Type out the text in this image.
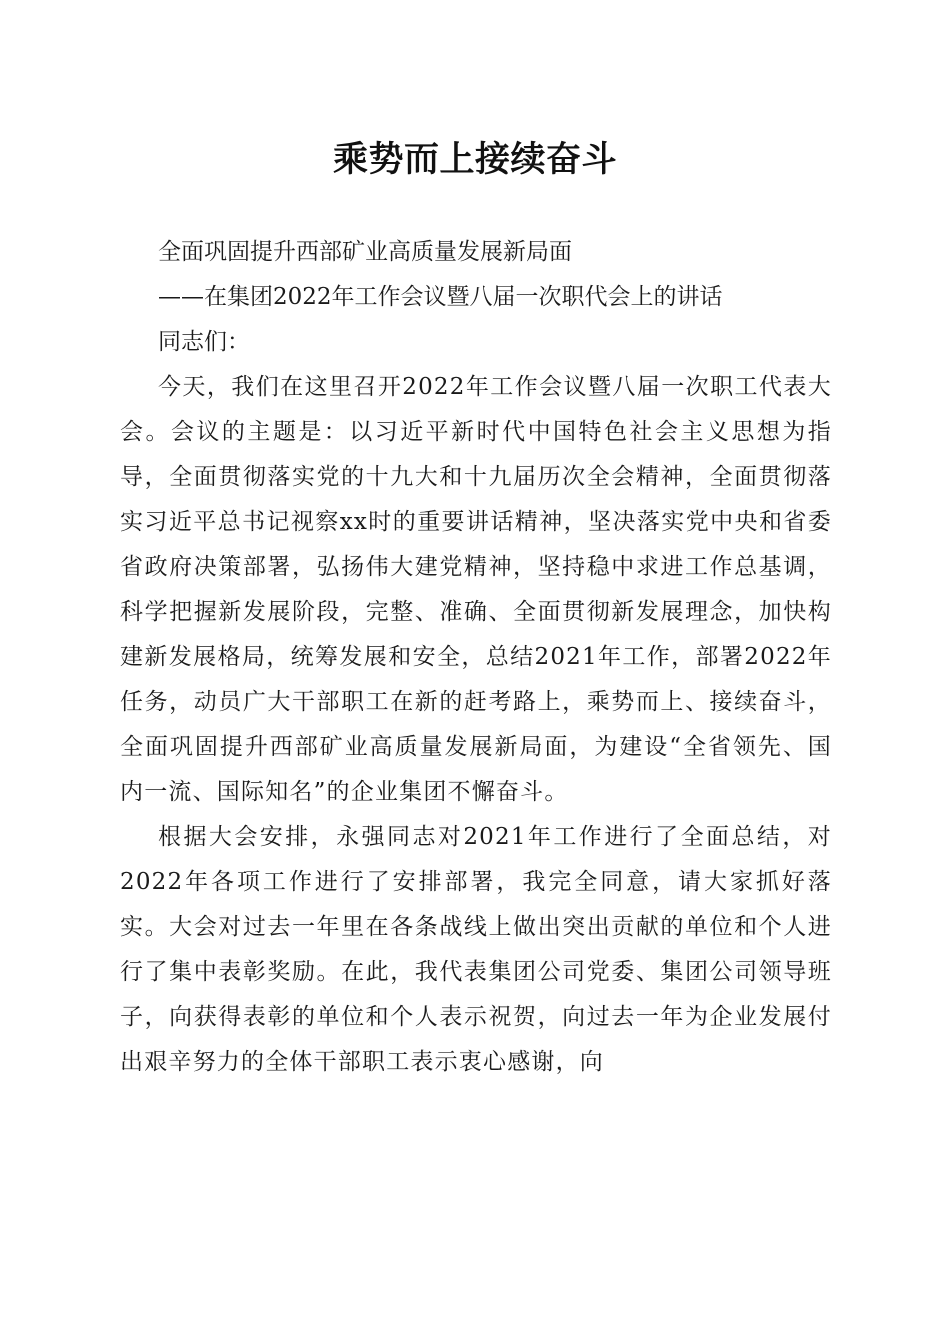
乘势而上接续奋斗

全面巩固提升西部矿业高质量发展新局面

——在集团2022年工作会议暨八届一次职代会上的讲话

同志们：

今天，我们在这里召开2022年工作会议暨八届一次职工代表大会。会议的主题是：以习近平新时代中国特色社会主义思想为指导，全面贯彻落实党的十九大和十九届历次全会精神，全面贯彻落实习近平总书记视察xx时的重要讲话精神，坚决落实党中央和省委省政府决策部署，弘扬伟大建党精神，坚持稳中求进工作总基调，科学把握新发展阶段，完整、准确、全面贯彻新发展理念，加快构建新发展格局，统筹发展和安全，总结2021年工作，部署2022年任务，动员广大干部职工在新的赶考路上，乘势而上、接续奋斗，全面巩固提升西部矿业高质量发展新局面，为建设“全省领先、国内一流、国际知名”的企业集团不懈奋斗。

根据大会安排，永强同志对2021年工作进行了全面总结，对2022年各项工作进行了安排部署，我完全同意，请大家抓好落实。大会对过去一年里在各条战线上做出突出贡献的单位和个人进行了集中表彰奖励。在此，我代表集团公司党委、集团公司领导班子，向获得表彰的单位和个人表示祝贺，向过去一年为企业发展付出艰辛努力的全体干部职工表示衷心感谢，向
